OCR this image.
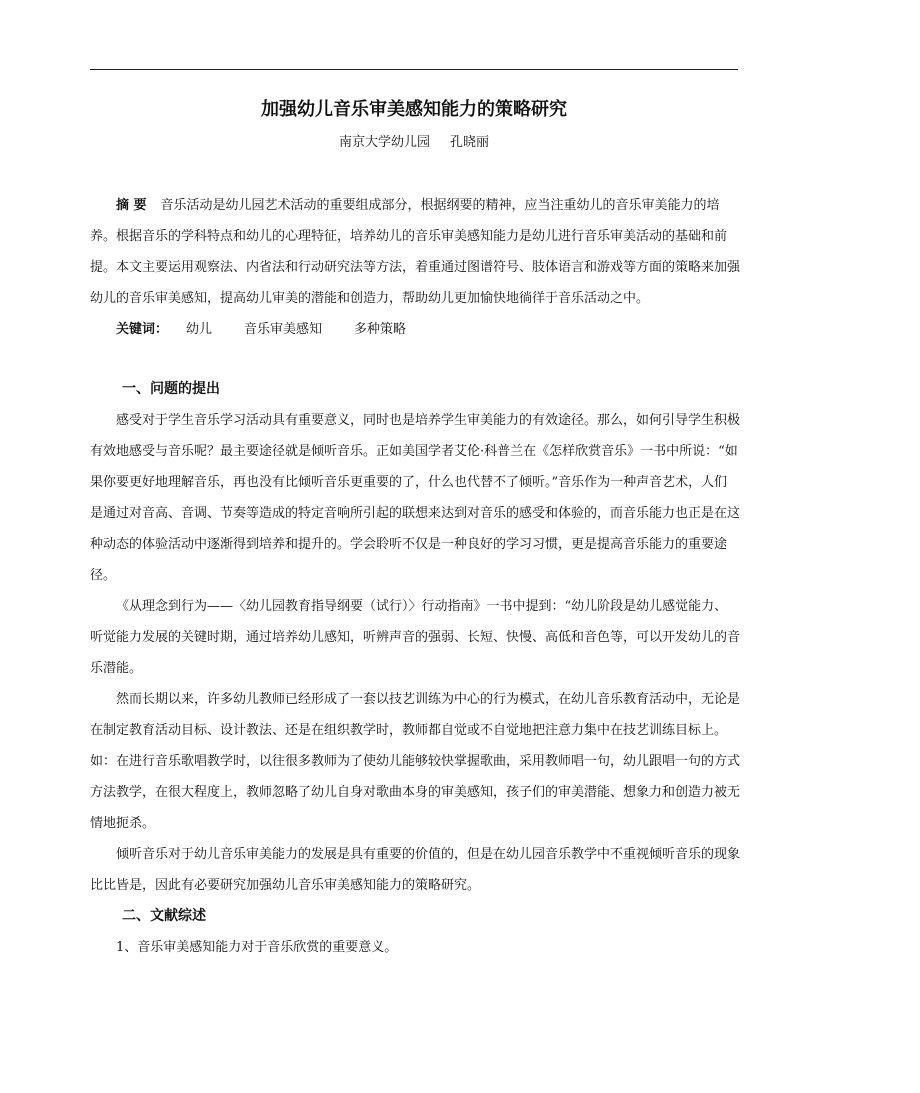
加强幼儿音乐审美感知能力的策略研究
南京大学幼儿园 孔晓丽

摘 要 音乐活动是幼儿园艺术活动的重要组成部分，根据纲要的精神，应当注重幼儿的音乐审美能力的培养。根据音乐的学科特点和幼儿的心理特征，培养幼儿的音乐审美感知能力是幼儿进行音乐审美活动的基础和前提。本文主要运用观察法、内省法和行动研究法等方法，着重通过图谱符号、肢体语言和游戏等方面的策略来加强幼儿的音乐审美感知，提高幼儿审美的潜能和创造力，帮助幼儿更加愉快地徜徉于音乐活动之中。

关键词： 幼儿 音乐审美感知 多种策略

一、问题的提出

感受对于学生音乐学习活动具有重要意义，同时也是培养学生审美能力的有效途径。那么，如何引导学生积极有效地感受与音乐呢？最主要途径就是倾听音乐。正如美国学者艾伦·科普兰在《怎样欣赏音乐》一书中所说：“如果你要更好地理解音乐，再也没有比倾听音乐更重要的了，什么也代替不了倾听。”音乐作为一种声音艺术，人们是通过对音高、音调、节奏等造成的特定音响所引起的联想来达到对音乐的感受和体验的，而音乐能力也正是在这种动态的体验活动中逐渐得到培养和提升的。学会聆听不仅是一种良好的学习习惯，更是提高音乐能力的重要途径。

《从理念到行为——〈幼儿园教育指导纲要（试行）〉行动指南》一书中提到：“幼儿阶段是幼儿感觉能力、听觉能力发展的关键时期，通过培养幼儿感知，听辨声音的强弱、长短、快慢、高低和音色等，可以开发幼儿的音乐潜能。

然而长期以来，许多幼儿教师已经形成了一套以技艺训练为中心的行为模式，在幼儿音乐教育活动中，无论是在制定教育活动目标、设计教法、还是在组织教学时，教师都自觉或不自觉地把注意力集中在技艺训练目标上。如：在进行音乐歌唱教学时，以往很多教师为了使幼儿能够较快掌握歌曲，采用教师唱一句，幼儿跟唱一句的方式方法教学，在很大程度上，教师忽略了幼儿自身对歌曲本身的审美感知，孩子们的审美潜能、想象力和创造力被无情地扼杀。

倾听音乐对于幼儿音乐审美能力的发展是具有重要的价值的，但是在幼儿园音乐教学中不重视倾听音乐的现象比比皆是，因此有必要研究加强幼儿音乐审美感知能力的策略研究。

二、文献综述

1、音乐审美感知能力对于音乐欣赏的重要意义。
